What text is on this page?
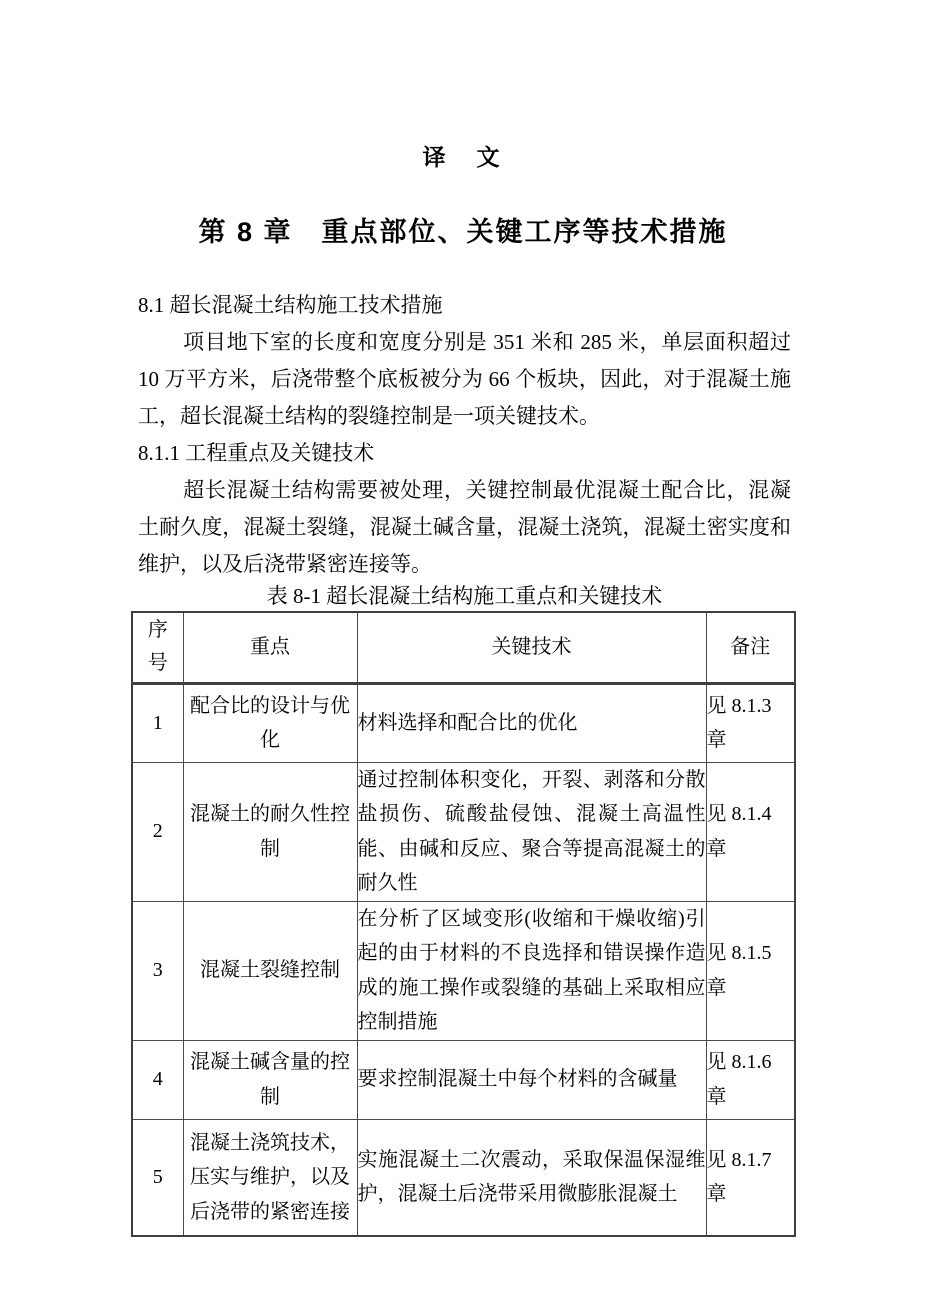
译　文
第 8 章　重点部位、关键工序等技术措施
8.1 超长混凝土结构施工技术措施

项目地下室的长度和宽度分别是 351 米和 285 米，单层面积超过 10 万平方米，后浇带整个底板被分为 66 个板块，因此，对于混凝土施工，超长混凝土结构的裂缝控制是一项关键技术。

8.1.1 工程重点及关键技术

超长混凝土结构需要被处理，关键控制最优混凝土配合比，混凝土耐久度，混凝土裂缝，混凝土碱含量，混凝土浇筑，混凝土密实度和维护，以及后浇带紧密连接等。

表 8-1 超长混凝土结构施工重点和关键技术

序号	重点	关键技术	备注
1	配合比的设计与优化	材料选择和配合比的优化	见 8.1.3 章
2	混凝土的耐久性控制	通过控制体积变化，开裂、剥落和分散盐损伤、硫酸盐侵蚀、混凝土高温性能、由碱和反应、聚合等提高混凝土的耐久性	见 8.1.4 章
3	混凝土裂缝控制	在分析了区域变形(收缩和干燥收缩)引起的由于材料的不良选择和错误操作造成的施工操作或裂缝的基础上采取相应控制措施	见 8.1.5 章
4	混凝土碱含量的控制	要求控制混凝土中每个材料的含碱量	见 8.1.6 章
5	混凝土浇筑技术，压实与维护，以及后浇带的紧密连接	实施混凝土二次震动，采取保温保湿维护，混凝土后浇带采用微膨胀混凝土	见 8.1.7 章
